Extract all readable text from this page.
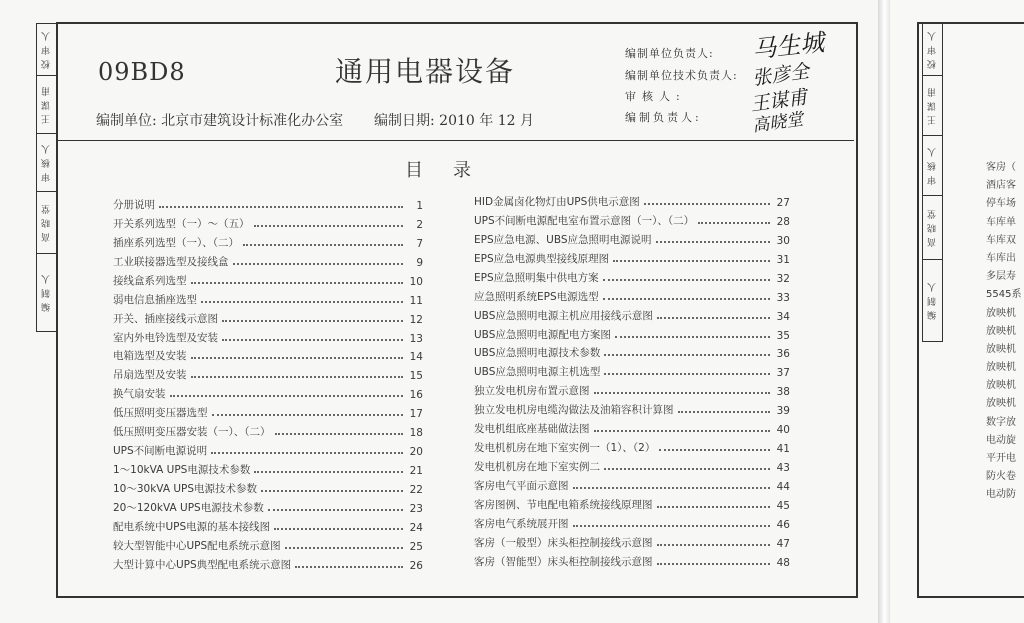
校 审 人
王 谋 甫
审 核 人
高 晓 堂
编 制 人
09BD8	通用电器设备
编制单位: 北京市建筑设计标准化办公室 编制日期: 2010 年 12 月
编制单位负责人:
编制单位技术负责人:
审核人:
编制负责人:
马生城
张彦全
王谋甫
高晓堂
目录
分册说明	1
开关系列选型（一）～（五）	2
插座系列选型（一）、（二）	7
工业联接器选型及接线盒	9
接线盒系列选型	10
弱电信息插座选型	11
开关、插座接线示意图	12
室内外电铃选型及安装	13
电箱选型及安装	14
吊扇选型及安装	15
换气扇安装	16
低压照明变压器选型	17
低压照明变压器安装（一）、（二）	18
UPS不间断电源说明	20
1～10kVA UPS电源技术参数	21
10～30kVA UPS电源技术参数	22
20～120kVA UPS电源技术参数	23
配电系统中UPS电源的基本接线图	24
较大型智能中心UPS配电系统示意图	25
大型计算中心UPS典型配电系统示意图	26
HID金属卤化物灯由UPS供电示意图	27
UPS不间断电源配电室布置示意图（一）、（二）	28
EPS应急电源、UBS应急照明电源说明	30
EPS应急电源典型接线原理图	31
EPS应急照明集中供电方案	32
应急照明系统EPS电源选型	33
UBS应急照明电源主机应用接线示意图	34
UBS应急照明电源配电方案图	35
UBS应急照明电源技术参数	36
UBS应急照明电源主机选型	37
独立发电机房布置示意图	38
独立发电机房电缆沟做法及油箱容积计算图	39
发电机组底座基础做法图	40
发电机机房在地下室实例一（1）、（2）	41
发电机机房在地下室实例二	43
客房电气平面示意图	44
客房图例、节电配电箱系统接线原理图	45
客房电气系统展开图	46
客房（一般型）床头柜控制接线示意图	47
客房（智能型）床头柜控制接线示意图	48
校 审 人
王 谋 甫
审 核 人
高 晓 堂
编 制 人
客房（
酒店客
停车场
车库单
车库双
车库出
多层寿
5545系
放映机
放映机
放映机
放映机
放映机
放映机
数字放
电动旋
平开电
防火卷
电动防
